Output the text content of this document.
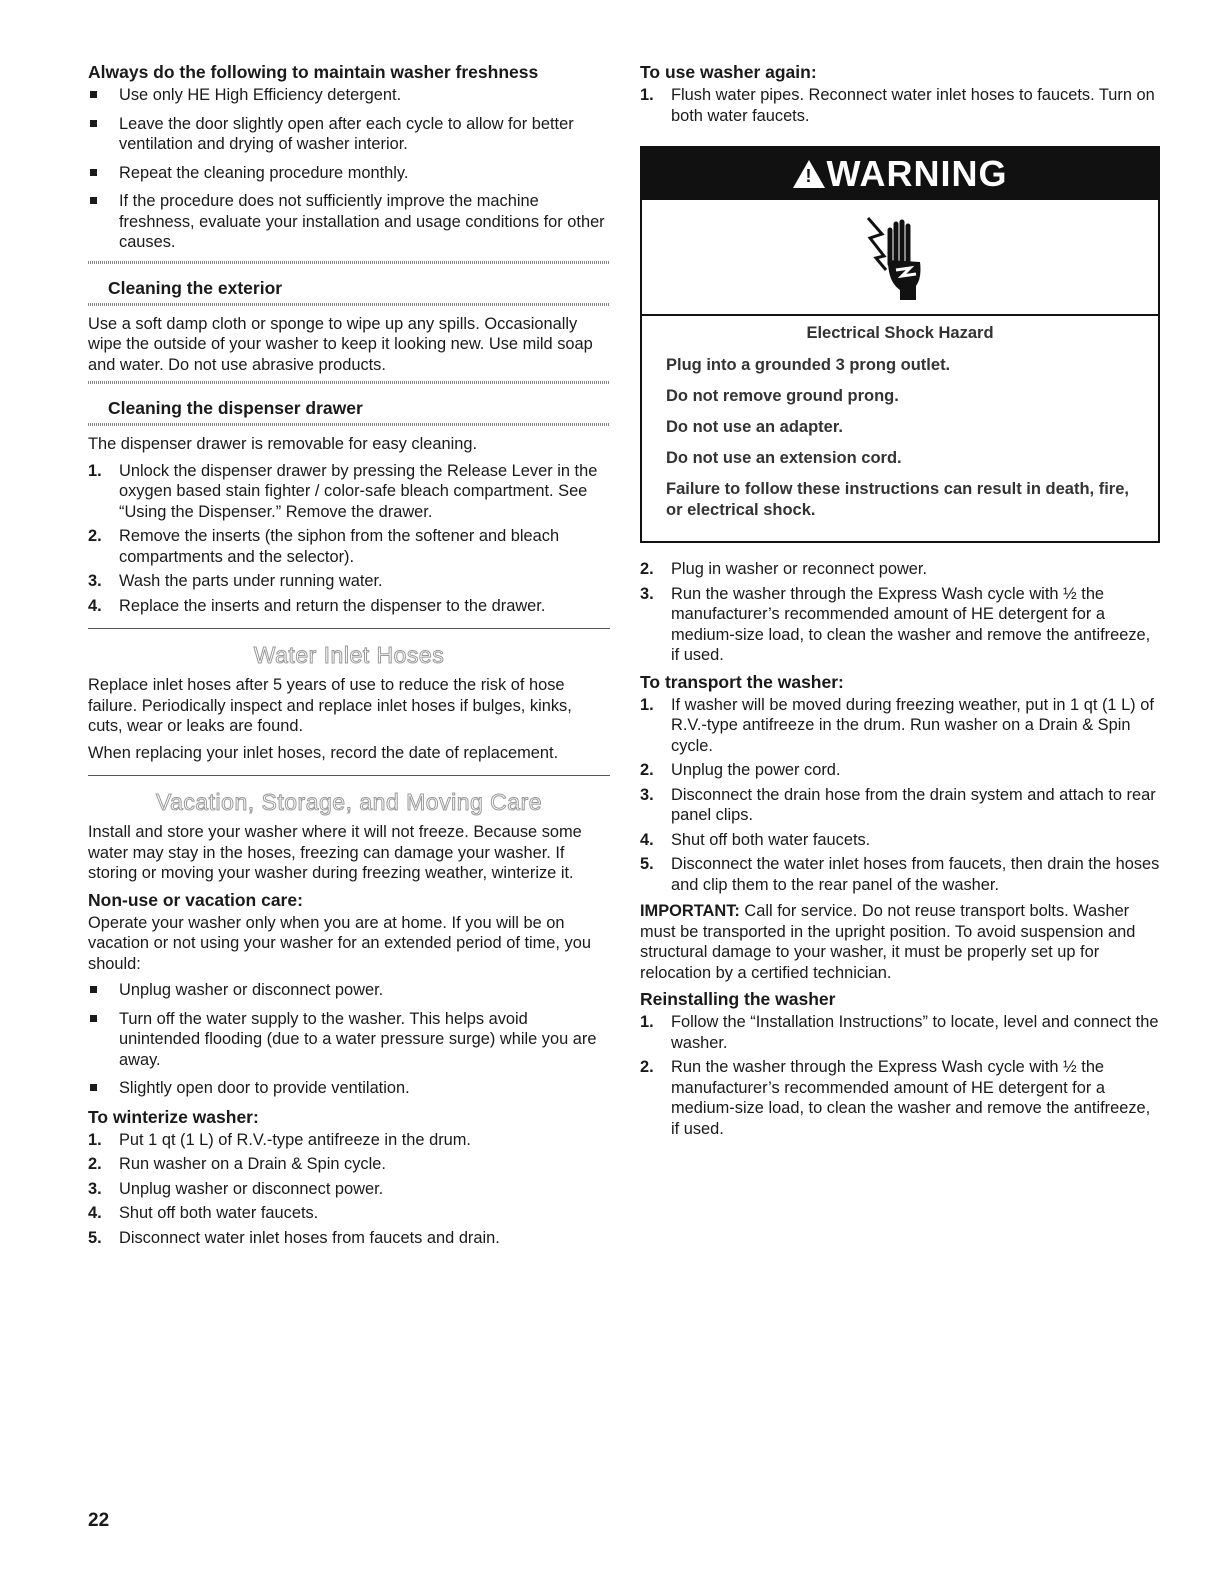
Always do the following to maintain washer freshness
Use only HE High Efficiency detergent.
Leave the door slightly open after each cycle to allow for better ventilation and drying of washer interior.
Repeat the cleaning procedure monthly.
If the procedure does not sufficiently improve the machine freshness, evaluate your installation and usage conditions for other causes.
Cleaning the exterior

Use a soft damp cloth or sponge to wipe up any spills. Occasionally wipe the outside of your washer to keep it looking new. Use mild soap and water. Do not use abrasive products.

Cleaning the dispenser drawer

The dispenser drawer is removable for easy cleaning.

1. Unlock the dispenser drawer by pressing the Release Lever in the oxygen based stain fighter / color-safe bleach compartment. See “Using the Dispenser.” Remove the drawer.
2. Remove the inserts (the siphon from the softener and bleach compartments and the selector).
3. Wash the parts under running water.
4. Replace the inserts and return the dispenser to the drawer.
Water Inlet Hoses

Replace inlet hoses after 5 years of use to reduce the risk of hose failure. Periodically inspect and replace inlet hoses if bulges, kinks, cuts, wear or leaks are found.

When replacing your inlet hoses, record the date of replacement.

Vacation, Storage, and Moving Care

Install and store your washer where it will not freeze. Because some water may stay in the hoses, freezing can damage your washer. If storing or moving your washer during freezing weather, winterize it.

Non-use or vacation care:

Operate your washer only when you are at home. If you will be on vacation or not using your washer for an extended period of time, you should:

Unplug washer or disconnect power.
Turn off the water supply to the washer. This helps avoid unintended flooding (due to a water pressure surge) while you are away.
Slightly open door to provide ventilation.
To winterize washer:
1. Put 1 qt (1 L) of R.V.-type antifreeze in the drum.
2. Run washer on a Drain & Spin cycle.
3. Unplug washer or disconnect power.
4. Shut off both water faucets.
5. Disconnect water inlet hoses from faucets and drain.
To use washer again:
1. Flush water pipes. Reconnect water inlet hoses to faucets. Turn on both water faucets.
! WARNING
Electrical Shock Hazard
Plug into a grounded 3 prong outlet.
Do not remove ground prong.
Do not use an adapter.
Do not use an extension cord.
Failure to follow these instructions can result in death, fire, or electrical shock.
2. Plug in washer or reconnect power.
3. Run the washer through the Express Wash cycle with ½ the manufacturer’s recommended amount of HE detergent for a medium-size load, to clean the washer and remove the antifreeze, if used.
To transport the washer:
1. If washer will be moved during freezing weather, put in 1 qt (1 L) of R.V.-type antifreeze in the drum. Run washer on a Drain & Spin cycle.
2. Unplug the power cord.
3. Disconnect the drain hose from the drain system and attach to rear panel clips.
4. Shut off both water faucets.
5. Disconnect the water inlet hoses from faucets, then drain the hoses and clip them to the rear panel of the washer.

IMPORTANT: Call for service. Do not reuse transport bolts. Washer must be transported in the upright position. To avoid suspension and structural damage to your washer, it must be properly set up for relocation by a certified technician.

Reinstalling the washer
1. Follow the “Installation Instructions” to locate, level and connect the washer.
2. Run the washer through the Express Wash cycle with ½ the manufacturer’s recommended amount of HE detergent for a medium-size load, to clean the washer and remove the antifreeze, if used.
22
